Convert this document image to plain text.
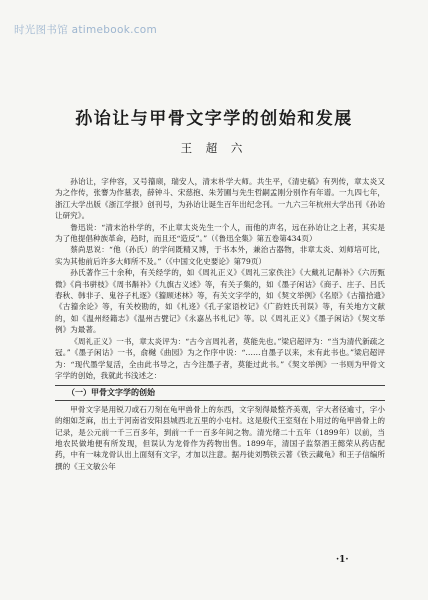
时光图书馆 atimebook.com
孙诒让与甲骨文字学的创始和发展
王 超 六

孙诒让，字仲容，又号籀庼，瑞安人，清末朴学大师。共生平，《清史稿》有列传，章太炎又为之作传，张謇为作墓表，薛钟斗、宋慈抱、朱芳圃与先生哲嗣孟刚分别作有年谱。一九四七年，浙江大学出版《浙江学报》创刊号，为孙诒让诞生百年出纪念刊。一九六三年杭州大学出刊《孙诒让研究》。

鲁迅说：“清末治朴学的，不止章太炎先生一个人，而他的声名，远在孙诒让之上者，其实是为了他提倡种族革命，趋时，而且还“造反”。”（《鲁迅全集》第五卷第434页）

蔡尚思说：“他（孙氏）的学问既精又博，于书本外，兼治古器物，非章太炎、刘师培可比，实为其他前后许多大师所不及。”（《中国文化史要论》第79页）

孙氏著作三十余种，有关经学的，如《周礼正义》《周礼三家佚注》《大戴礼记斠补》《六历甄微》《尚书骈枝》《周书斠补》《九旗古义述》等，有关子集的，如《墨子闲诂》《商子、庄子、吕氏春秋、韩非子、鬼谷子札逐》《籀顾述林》等，有关文字学的，如《契文举例》《名原》《古籀拾遗》《古籀余论》等，有关校勘的，如《札迻》《孔子家语校记》《广韵姓氏刊误》等，有关地方文献的，如《温州经籍志》《温州古甓记》《永嘉丛书札记》等。以《周礼正义》《墨子闲诂》《契文举例》为最著。

《周礼正义》一书，章太炎评为：“古今言周礼者，莫能先也。”梁启超评为：“当为清代新疏之冠。”《墨子闲诂》一书，俞樾《曲园》为之作序中说：“……自墨子以来，未有此书也。”梁启超评为：“现代墨学复活，全由此书导之，古今注墨子者，莫能过此书。”《契文举例》一书则为甲骨文字学的创始，我就此书浅述之：

（一）甲骨文字学的创始

甲骨文字是用锐刀或石刀刻在龟甲兽骨上的东西，文字刻得最整齐美观，字大者径逾寸，字小的细如芝麻，出土于河南省安阳县城西北五里的小屯村。这是殷代王室刻在卜用过的龟甲兽骨上的记录，是公元前一千三百多年，到前一千一百多年间之物。清光绪二十五年（1899年）以前，当地农民做地便有所发现，但误认为龙骨作为药物出售。1899年，清国子监祭酒王懿荣从药店配药，中有一味龙骨认出上面刻有文字，才加以注意。据丹徒刘鹗铁云著《铁云藏龟》和王子信编所撰的《王文敏公年

·1·
